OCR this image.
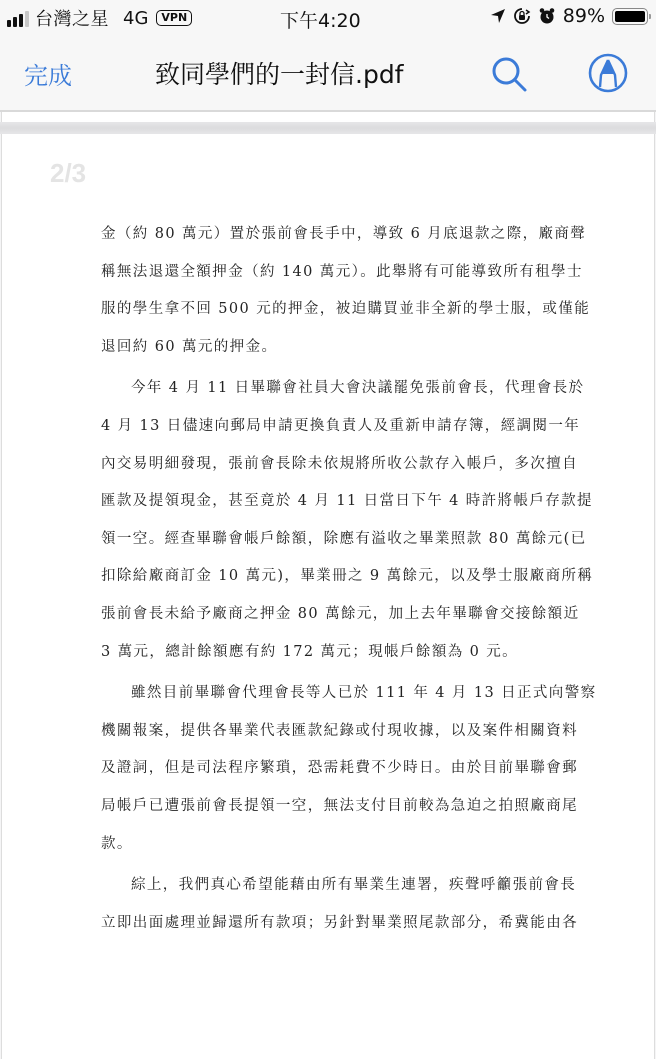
台灣之星 4G	VPN	下午4:20	89%
完成	致同學們的一封信.pdf
2/3
金（約 80 萬元）置於張前會長手中，導致 6 月底退款之際，廠商聲
稱無法退還全額押金（約 140 萬元）。此舉將有可能導致所有租學士
服的學生拿不回 500 元的押金，被迫購買並非全新的學士服，或僅能
退回約 60 萬元的押金。
今年 4 月 11 日畢聯會社員大會決議罷免張前會長，代理會長於
4 月 13 日儘速向郵局申請更換負責人及重新申請存簿，經調閱一年
內交易明細發現，張前會長除未依規將所收公款存入帳戶，多次擅自
匯款及提領現金，甚至竟於 4 月 11 日當日下午 4 時許將帳戶存款提
領一空。經查畢聯會帳戶餘額，除應有溢收之畢業照款 80 萬餘元(已
扣除給廠商訂金 10 萬元)，畢業冊之 9 萬餘元，以及學士服廠商所稱
張前會長未給予廠商之押金 80 萬餘元，加上去年畢聯會交接餘額近
3 萬元，總計餘額應有約 172 萬元；現帳戶餘額為 0 元。
雖然目前畢聯會代理會長等人已於 111 年 4 月 13 日正式向警察
機關報案，提供各畢業代表匯款紀錄或付現收據，以及案件相關資料
及證詞，但是司法程序繁瑣，恐需耗費不少時日。由於目前畢聯會郵
局帳戶已遭張前會長提領一空，無法支付目前較為急迫之拍照廠商尾
款。
綜上，我們真心希望能藉由所有畢業生連署，疾聲呼籲張前會長
立即出面處理並歸還所有款項；另針對畢業照尾款部分，希冀能由各
